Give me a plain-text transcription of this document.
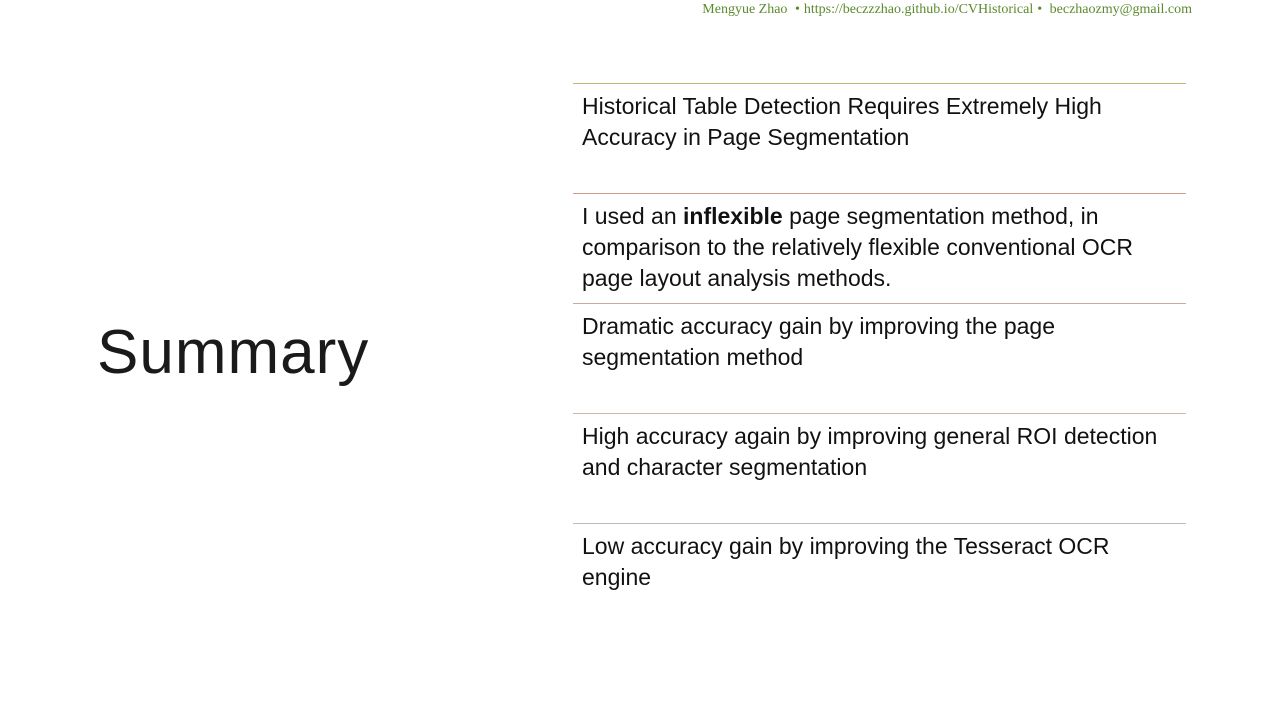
Mengyue Zhao • https://beczzzhao.github.io/CVHistorical • beczhaozmy@gmail.com
Summary
Historical Table Detection Requires Extremely High Accuracy in Page Segmentation
I used an inflexible page segmentation method, in comparison to the relatively flexible conventional OCR page layout analysis methods.
Dramatic accuracy gain by improving the page segmentation method
High accuracy again by improving general ROI detection and character segmentation
Low accuracy gain by improving the Tesseract OCR engine
